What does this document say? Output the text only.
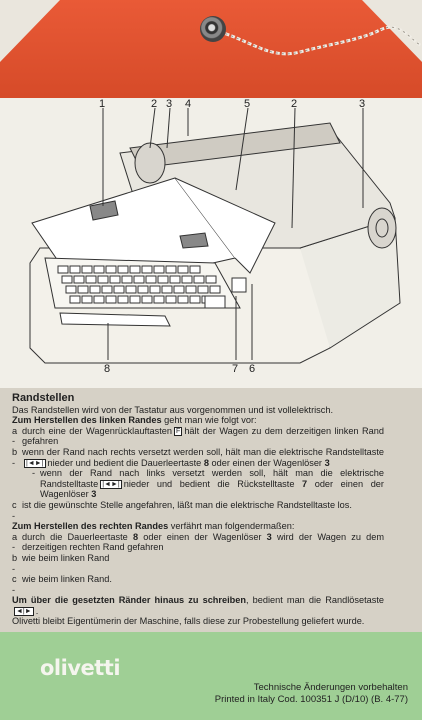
1	2 3 4	5	2	3
8	7 6
Randstellen

Das Randstellen wird von der Tastatur aus vorgenommen und ist vollelektrisch.

Zum Herstellen des linken Randes geht man wie folgt vor:

a -
durch eine der Wagenrücklauftasten F hält der Wagen zu dem derzeitigen linken Rand gefahren
b -
wenn der Rand nach rechts versetzt werden soll, hält man die elektrische Randstelltaste|◄►| nieder und bedient die Dauerleertaste 8 oder einen der Wagenlöser 3
- wenn der Rand nach links versetzt werden soll, hält man die elektrische Randstelltaste |◄►| nieder und bedient die Rückstelltaste 7 oder einen der Wagenlöser 3
c -
ist die gewünschte Stelle angefahren, läßt man die elektrische Randstelltaste los.

Zum Herstellen des rechten Randes verfährt man folgendermaßen:

a -
durch die Dauerleertaste 8 oder einen der Wagenlöser 3 wird der Wagen zu dem derzeitigen rechten Rand gefahren
b -
wie beim linken Rand
c -
wie beim linken Rand.

Um über die gesetzten Ränder hinaus zu schreiben, bedient man die Randlösetaste◄|► .

Olivetti bleibt Eigentümerin der Maschine, falls diese zur Probestellung geliefert wurde.

olivetti
Technische Änderungen vorbehalten
Printed in Italy Cod. 100351 J (D/10) (B. 4-77)
